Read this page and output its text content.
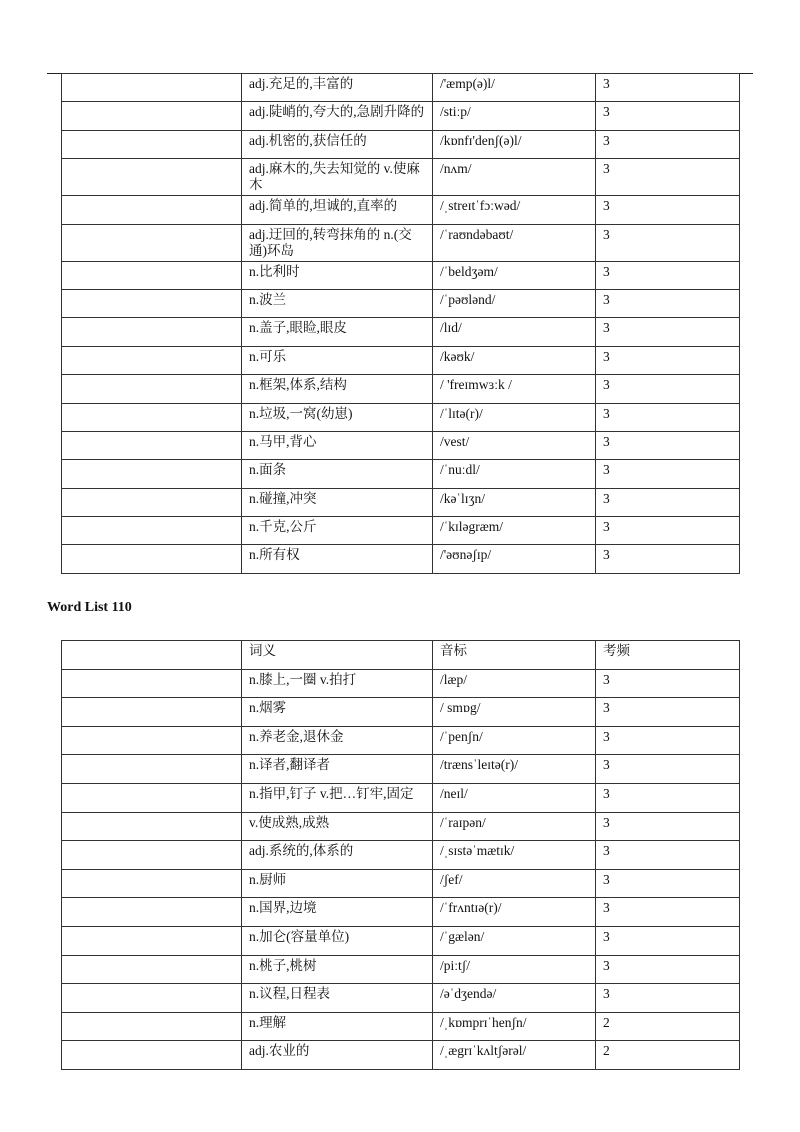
	adj.充足的,丰富的	/'æmp(ə)l/	3
	adj.陡峭的,夸大的,急剧升降的	/stiːp/	3
	adj.机密的,获信任的	/kɒnfɪ'denʃ(ə)l/	3
	adj.麻木的,失去知觉的 v.使麻木	/nʌm/	3
	adj.简单的,坦诚的,直率的	/ˌstreɪtˈfɔːwəd/	3
	adj.迂回的,转弯抹角的 n.(交通)环岛	/ˈraʊndəbaʊt/	3
	n.比利时	/ˈbeldʒəm/	3
	n.波兰	/ˈpəʊlənd/	3
	n.盖子,眼睑,眼皮	/lɪd/	3
	n.可乐	/kəʊk/	3
	n.框架,体系,结构	/ 'freɪmwɜːk /	3
	n.垃圾,一窝(幼崽)	/ˈlɪtə(r)/	3
	n.马甲,背心	/vest/	3
	n.面条	/ˈnuːdl/	3
	n.碰撞,冲突	/kəˈlɪʒn/	3
	n.千克,公斤	/ˈkɪləgræm/	3
	n.所有权	/'əʊnəʃɪp/	3
Word List 110
	词义	音标	考频
	n.膝上,一圈 v.拍打	/læp/	3
	n.烟雾	/ smɒg/	3
	n.养老金,退休金	/ˈpenʃn/	3
	n.译者,翻译者	/trænsˈleɪtə(r)/	3
	n.指甲,钉子 v.把…钉牢,固定	/neɪl/	3
	v.使成熟,成熟	/ˈraɪpən/	3
	adj.系统的,体系的	/ˌsɪstəˈmætɪk/	3
	n.厨师	/ʃef/	3
	n.国界,边境	/ˈfrʌntɪə(r)/	3
	n.加仑(容量单位)	/ˈgælən/	3
	n.桃子,桃树	/piːtʃ/	3
	n.议程,日程表	/əˈdʒendə/	3
	n.理解	/ˌkɒmprɪˈhenʃn/	2
	adj.农业的	/ˌægrɪˈkʌltʃərəl/	2
